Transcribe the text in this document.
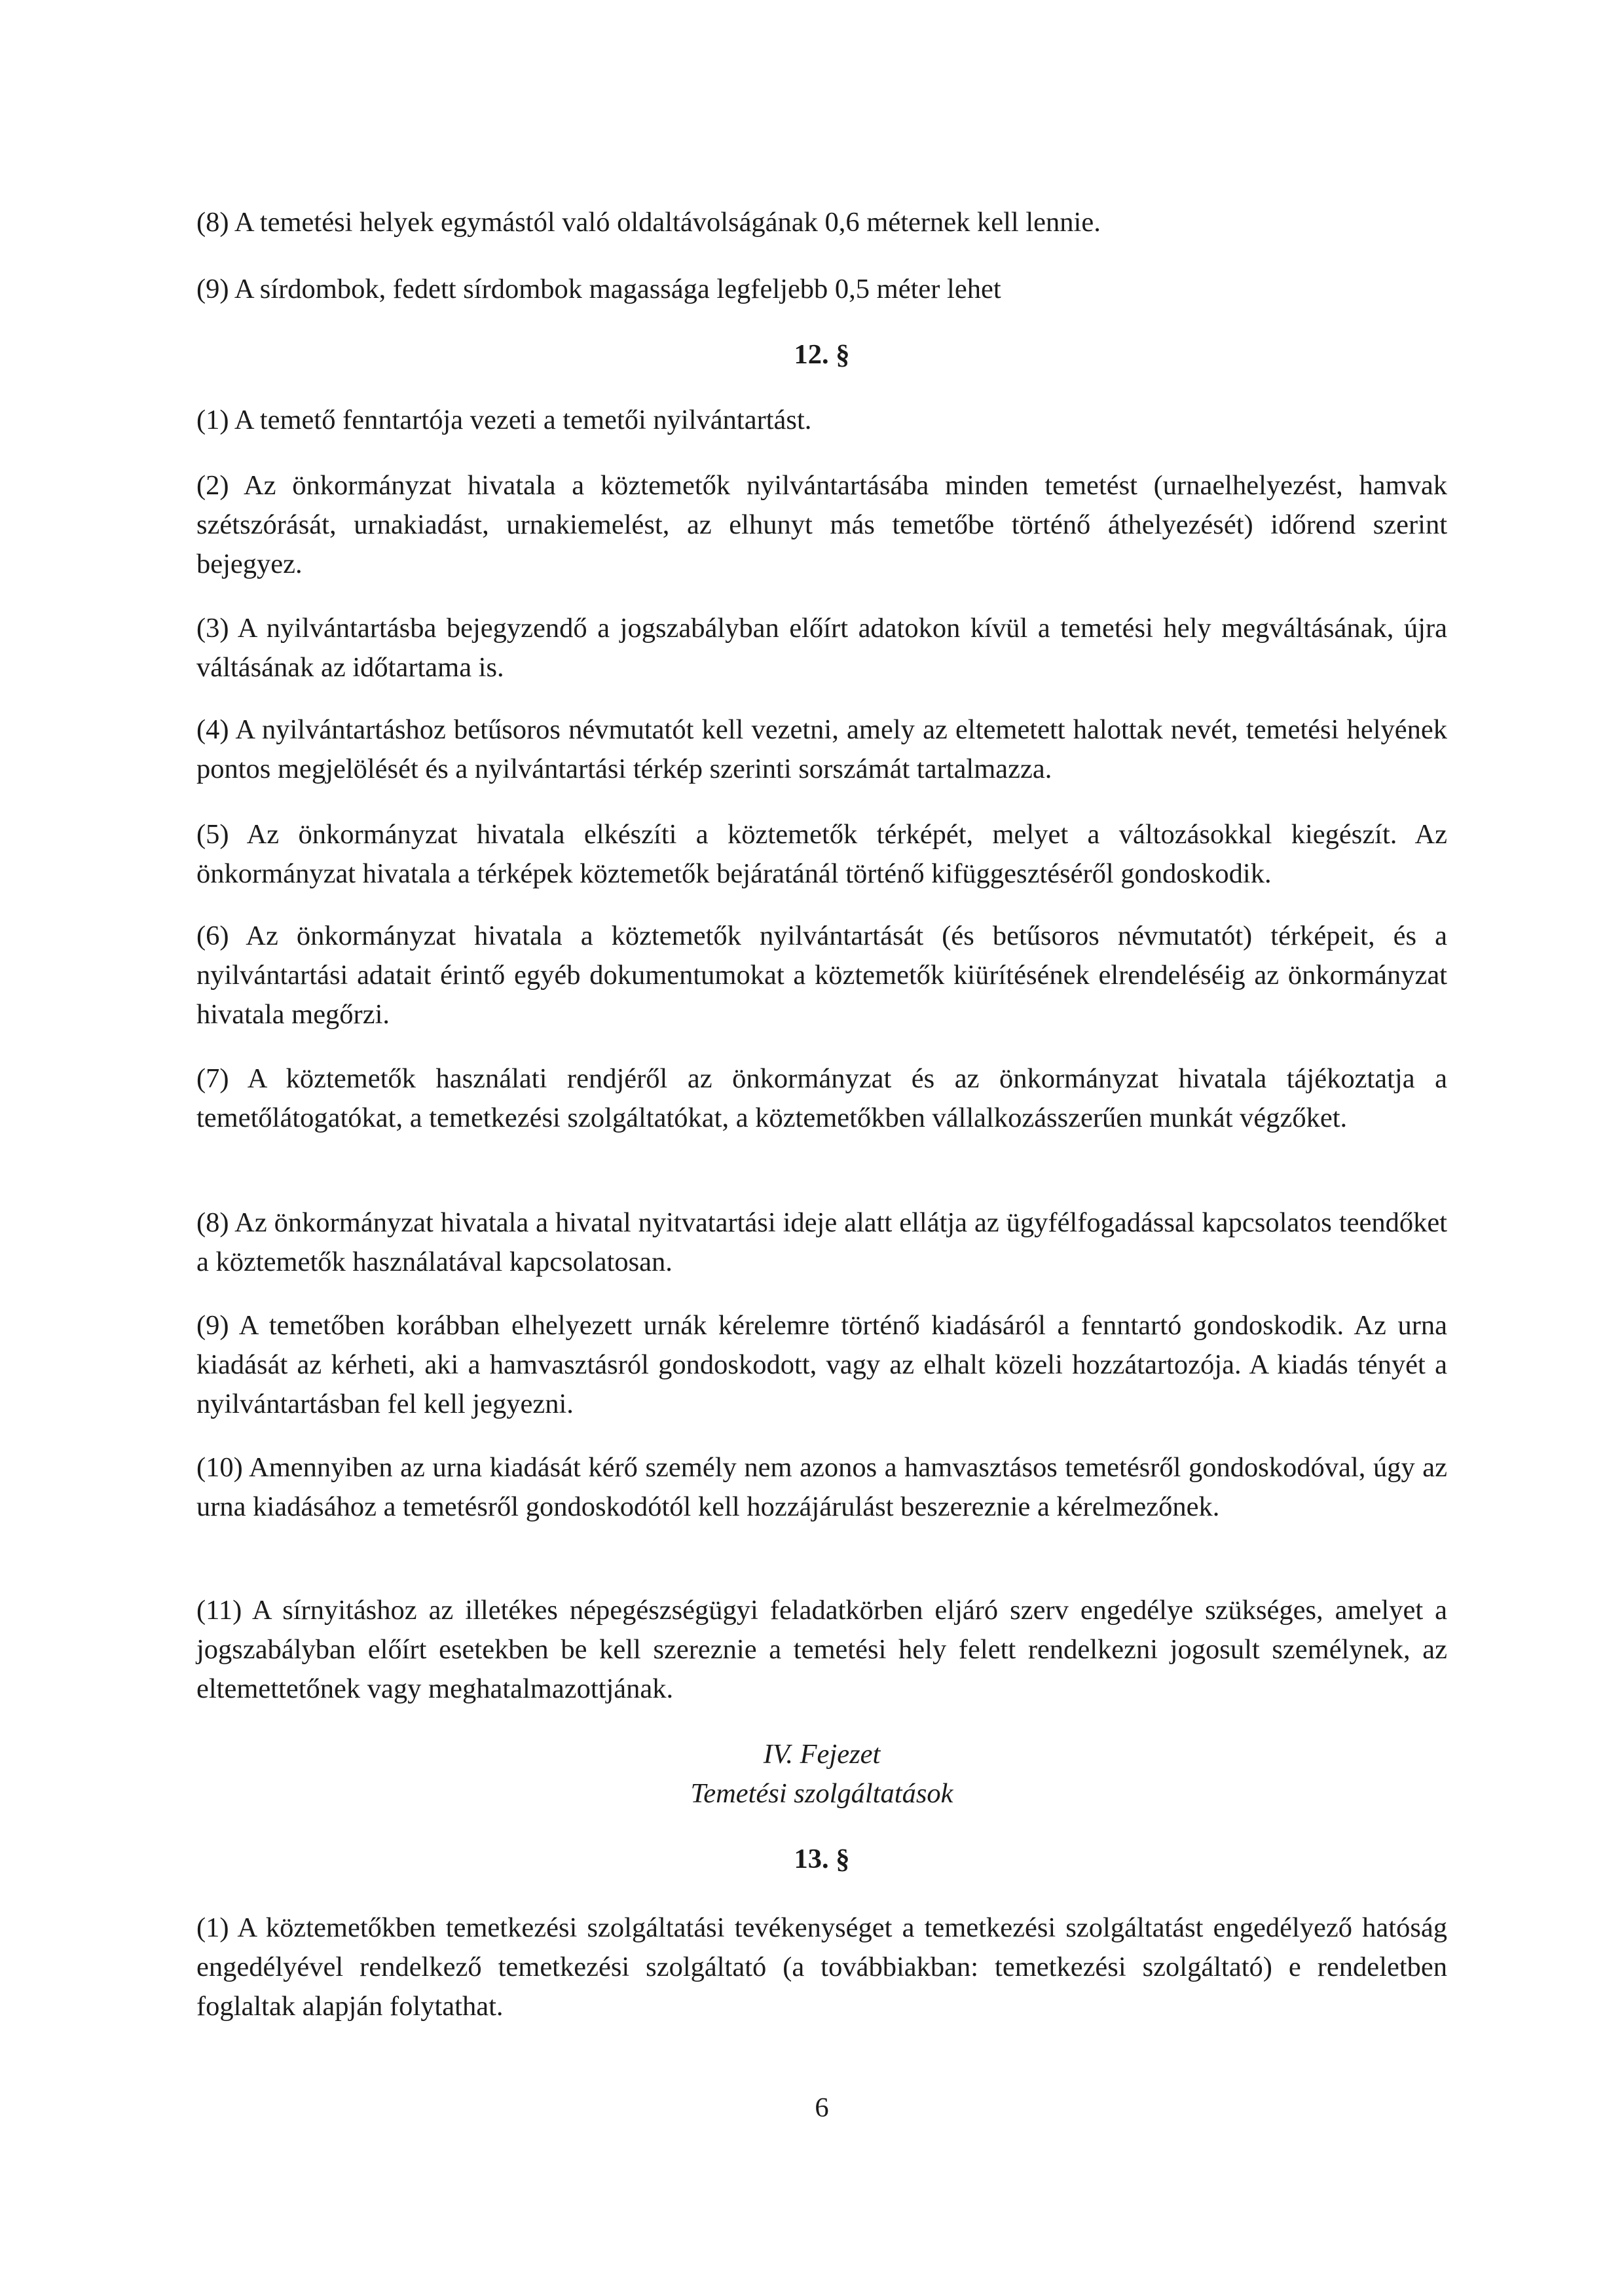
(8) A temetési helyek egymástól való oldaltávolságának 0,6 méternek kell lennie.

(9) A sírdombok, fedett sírdombok magassága legfeljebb 0,5 méter lehet

12. §

(1) A temető fenntartója vezeti a temetői nyilvántartást.

(2) Az önkormányzat hivatala a köztemetők nyilvántartásába minden temetést (urnaelhelyezést, hamvak szétszórását, urnakiadást, urnakiemelést, az elhunyt más temetőbe történő áthelyezését) időrend szerint bejegyez.

(3) A nyilvántartásba bejegyzendő a jogszabályban előírt adatokon kívül a temetési hely megváltásának, újra váltásának az időtartama is.

(4) A nyilvántartáshoz betűsoros névmutatót kell vezetni, amely az eltemetett halottak nevét, temetési helyének pontos megjelölését és a nyilvántartási térkép szerinti sorszámát tartalmazza.

(5) Az önkormányzat hivatala elkészíti a köztemetők térképét, melyet a változásokkal kiegészít. Az önkormányzat hivatala a térképek köztemetők bejáratánál történő kifüggesztéséről gondoskodik.

(6) Az önkormányzat hivatala a köztemetők nyilvántartását (és betűsoros névmutatót) térképeit, és a nyilvántartási adatait érintő egyéb dokumentumokat a köztemetők kiürítésének elrendeléséig az önkormányzat hivatala megőrzi.

(7) A köztemetők használati rendjéről az önkormányzat és az önkormányzat hivatala tájékoztatja a temetőlátogatókat, a temetkezési szolgáltatókat, a köztemetőkben vállalkozásszerűen munkát végzőket.

(8) Az önkormányzat hivatala a hivatal nyitvatartási ideje alatt ellátja az ügyfélfogadással kapcsolatos teendőket a köztemetők használatával kapcsolatosan.

(9) A temetőben korábban elhelyezett urnák kérelemre történő kiadásáról a fenntartó gondoskodik. Az urna kiadását az kérheti, aki a hamvasztásról gondoskodott, vagy az elhalt közeli hozzátartozója. A kiadás tényét a nyilvántartásban fel kell jegyezni.

(10) Amennyiben az urna kiadását kérő személy nem azonos a hamvasztásos temetésről gondoskodóval, úgy az urna kiadásához a temetésről gondoskodótól kell hozzájárulást beszereznie a kérelmezőnek.

(11) A sírnyitáshoz az illetékes népegészségügyi feladatkörben eljáró szerv engedélye szükséges, amelyet a jogszabályban előírt esetekben be kell szereznie a temetési hely felett rendelkezni jogosult személynek, az eltemettetőnek vagy meghatalmazottjának.

IV. Fejezet

Temetési szolgáltatások

13. §

(1) A köztemetőkben temetkezési szolgáltatási tevékenységet a temetkezési szolgáltatást engedélyező hatóság engedélyével rendelkező temetkezési szolgáltató (a továbbiakban: temetkezési szolgáltató) e rendeletben foglaltak alapján folytathat.

6
